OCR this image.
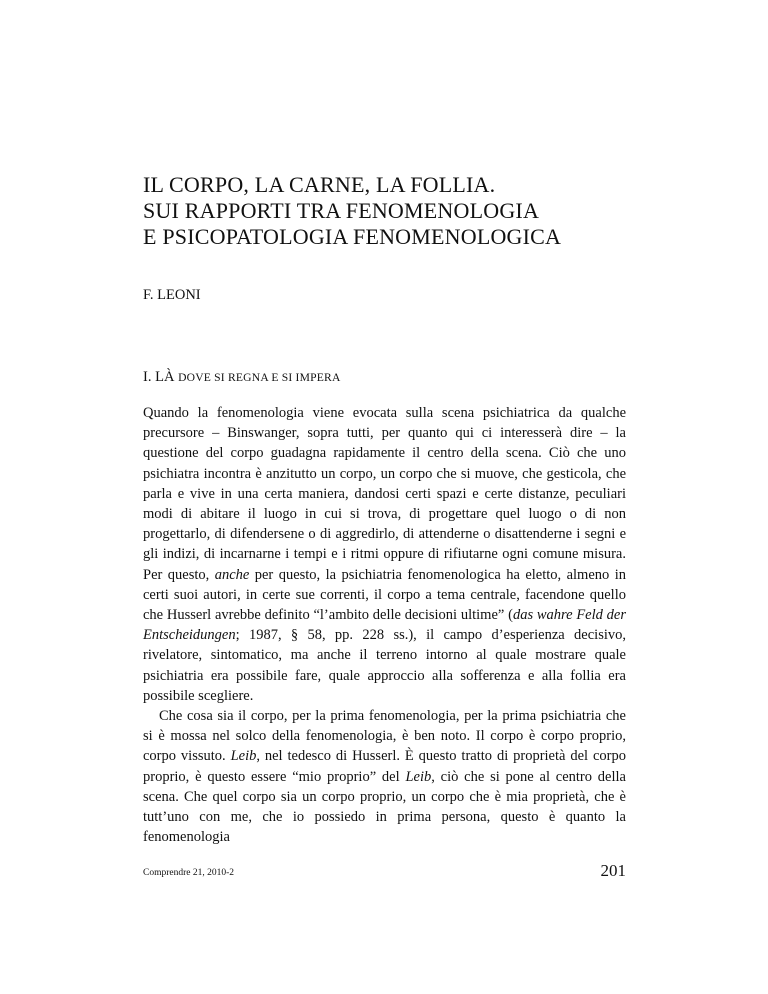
IL CORPO, LA CARNE, LA FOLLIA.
SUI RAPPORTI TRA FENOMENOLOGIA
E PSICOPATOLOGIA FENOMENOLOGICA

F. LEONI

I. LÀ DOVE SI REGNA E SI IMPERA

Quando la fenomenologia viene evocata sulla scena psichiatrica da qualche precursore – Binswanger, sopra tutti, per quanto qui ci interesserà dire – la questione del corpo guadagna rapidamente il centro della scena. Ciò che uno psichiatra incontra è anzitutto un corpo, un corpo che si muove, che gesticola, che parla e vive in una certa maniera, dandosi certi spazi e certe distanze, peculiari modi di abitare il luogo in cui si trova, di progettare quel luogo o di non progettarlo, di difendersene o di aggredirlo, di attenderne o disattenderne i segni e gli indizi, di incarnarne i tempi e i ritmi oppure di rifiutarne ogni comune misura. Per questo, anche per questo, la psichiatria fenomenologica ha eletto, almeno in certi suoi autori, in certe sue correnti, il corpo a tema centrale, facendone quello che Husserl avrebbe definito “l’ambito delle decisioni ultime” (das wahre Feld der Entscheidungen; 1987, § 58, pp. 228 ss.), il campo d’esperienza decisivo, rivelatore, sintomatico, ma anche il terreno intorno al quale mostrare quale psichiatria era possibile fare, quale approccio alla sofferenza e alla follia era possibile scegliere.

Che cosa sia il corpo, per la prima fenomenologia, per la prima psichiatria che si è mossa nel solco della fenomenologia, è ben noto. Il corpo è corpo proprio, corpo vissuto. Leib, nel tedesco di Husserl. È questo tratto di proprietà del corpo proprio, è questo essere “mio proprio” del Leib, ciò che si pone al centro della scena. Che quel corpo sia un corpo proprio, un corpo che è mia proprietà, che è tutt’uno con me, che io possiedo in prima persona, questo è quanto la fenomenologia

Comprendre 21, 2010-2	201
